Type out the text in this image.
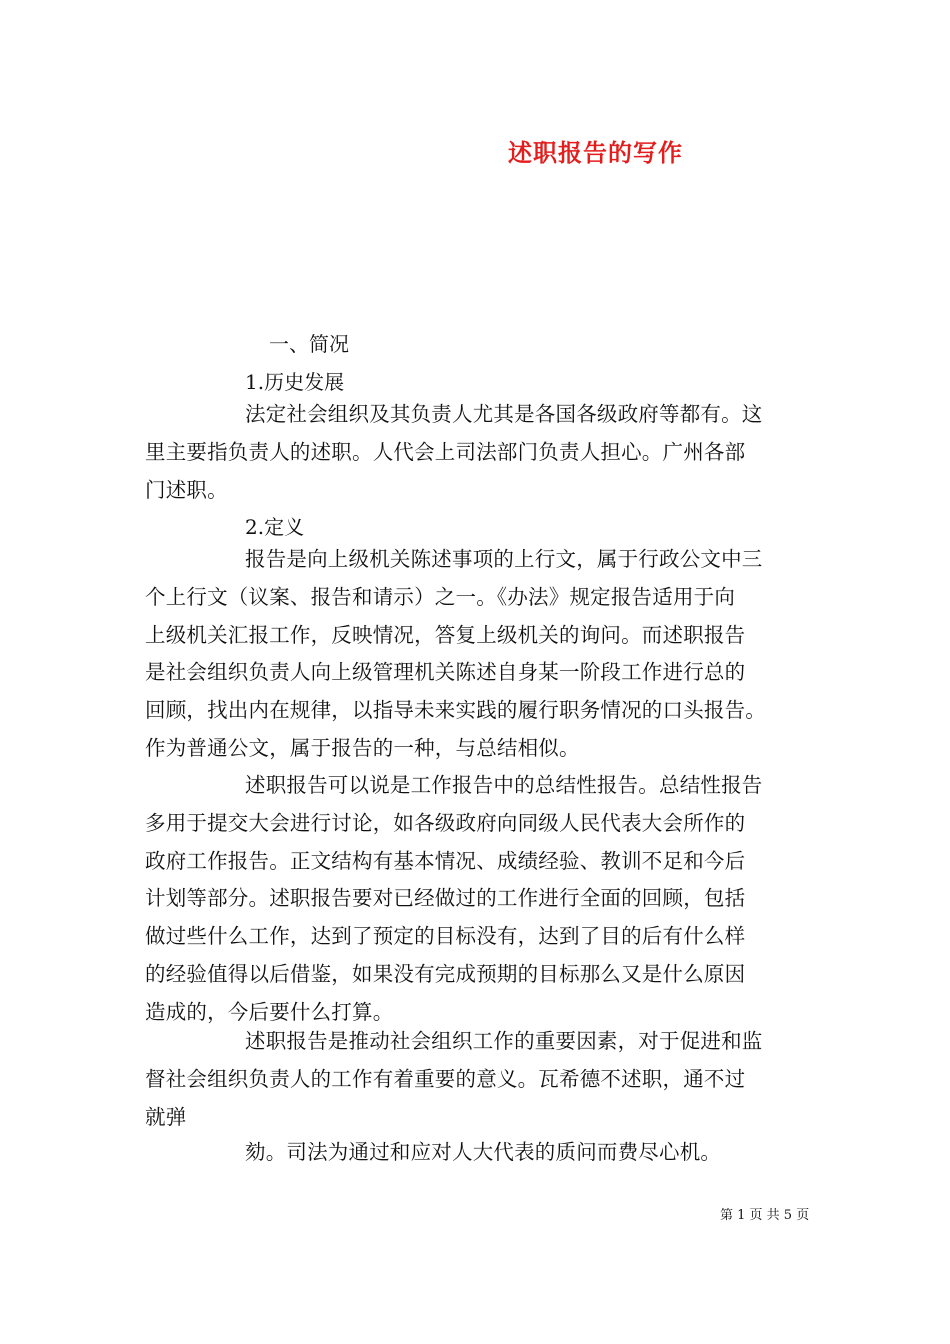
述职报告的写作
一、简况
1.历史发展
法定社会组织及其负责人尤其是各国各级政府等都有。这
里主要指负责人的述职。人代会上司法部门负责人担心。广州各部
门述职。
2.定义
报告是向上级机关陈述事项的上行文，属于行政公文中三
个上行文（议案、报告和请示）之一。《办法》规定报告适用于向
上级机关汇报工作，反映情况，答复上级机关的询问。而述职报告
是社会组织负责人向上级管理机关陈述自身某一阶段工作进行总的
回顾，找出内在规律，以指导未来实践的履行职务情况的口头报告。
作为普通公文，属于报告的一种，与总结相似。
述职报告可以说是工作报告中的总结性报告。总结性报告
多用于提交大会进行讨论，如各级政府向同级人民代表大会所作的
政府工作报告。正文结构有基本情况、成绩经验、教训不足和今后
计划等部分。述职报告要对已经做过的工作进行全面的回顾，包括
做过些什么工作，达到了预定的目标没有，达到了目的后有什么样
的经验值得以后借鉴，如果没有完成预期的目标那么又是什么原因
造成的，今后要什么打算。
述职报告是推动社会组织工作的重要因素，对于促进和监
督社会组织负责人的工作有着重要的意义。瓦希德不述职，通不过
就弹
劾。司法为通过和应对人大代表的质问而费尽心机。
第 1 页 共 5 页
